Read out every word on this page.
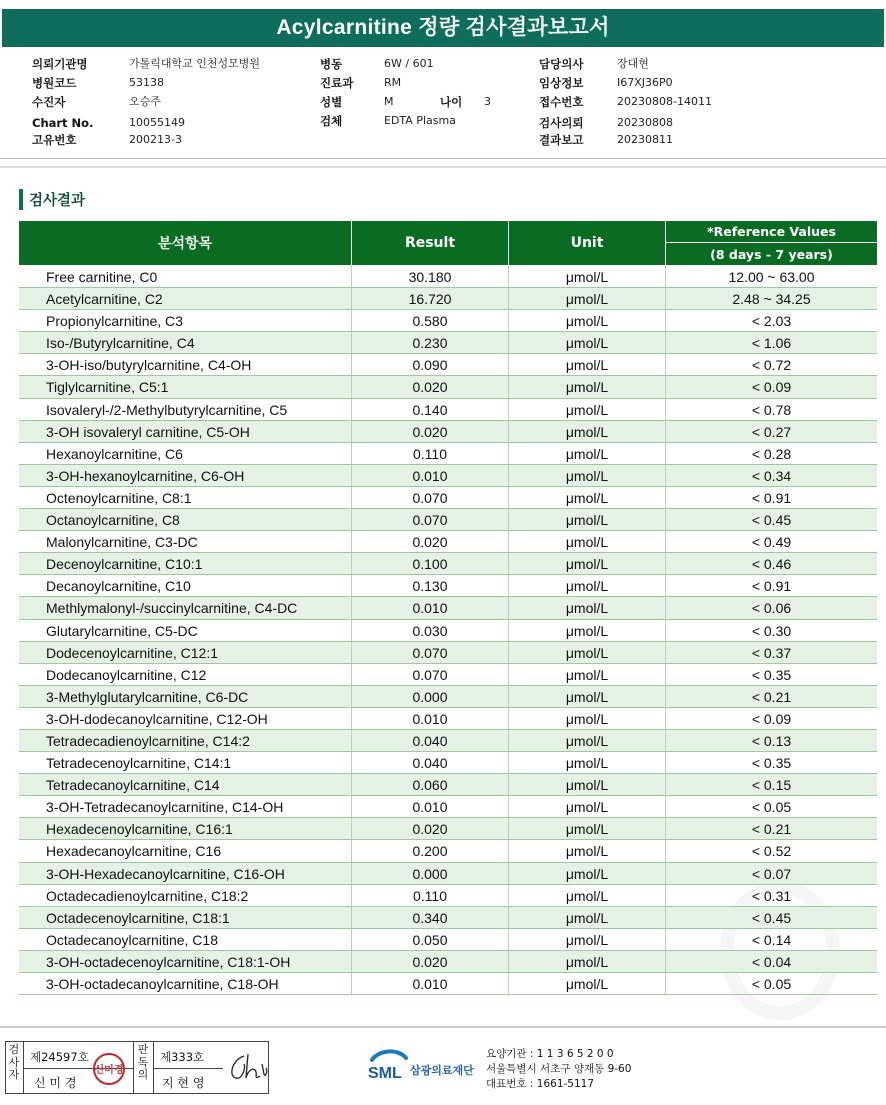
Acylcarnitine 정량 검사결과보고서
의뢰기관명	가톨릭대학교 인천성모병원
병원코드	53138
수진자	오승주
Chart No.	10055149
고유번호	200213-3
병동	6W / 601
진료과	RM
성별	M	나이 3
검체	EDTA Plasma
담당의사	장대현
임상정보	I67XJ36P0
접수번호	20230808-14011
검사의뢰	20230808
결과보고	20230811
검사결과
분석항목	Result	Unit
*Reference Values
(8 days - 7 years)
Free carnitine, C0	30.180	μmol/L	12.00 ~ 63.00
Acetylcarnitine, C2	16.720	μmol/L	2.48 ~ 34.25
Propionylcarnitine, C3	0.580	μmol/L	< 2.03
Iso-/Butyrylcarnitine, C4	0.230	μmol/L	< 1.06
3-OH-iso/butyrylcarnitine, C4-OH	0.090	μmol/L	< 0.72
Tiglylcarnitine, C5:1	0.020	μmol/L	< 0.09
Isovaleryl-/2-Methylbutyrylcarnitine, C5	0.140	μmol/L	< 0.78
3-OH isovaleryl carnitine, C5-OH	0.020	μmol/L	< 0.27
Hexanoylcarnitine, C6	0.110	μmol/L	< 0.28
3-OH-hexanoylcarnitine, C6-OH	0.010	μmol/L	< 0.34
Octenoylcarnitine, C8:1	0.070	μmol/L	< 0.91
Octanoylcarnitine, C8	0.070	μmol/L	< 0.45
Malonylcarnitine, C3-DC	0.020	μmol/L	< 0.49
Decenoylcarnitine, C10:1	0.100	μmol/L	< 0.46
Decanoylcarnitine, C10	0.130	μmol/L	< 0.91
Methlymalonyl-/succinylcarnitine, C4-DC	0.010	μmol/L	< 0.06
Glutarylcarnitine, C5-DC	0.030	μmol/L	< 0.30
Dodecenoylcarnitine, C12:1	0.070	μmol/L	< 0.37
Dodecanoylcarnitine, C12	0.070	μmol/L	< 0.35
3-Methylglutarylcarnitine, C6-DC	0.000	μmol/L	< 0.21
3-OH-dodecanoylcarnitine, C12-OH	0.010	μmol/L	< 0.09
Tetradecadienoylcarnitine, C14:2	0.040	μmol/L	< 0.13
Tetradecenoylcarnitine, C14:1	0.040	μmol/L	< 0.35
Tetradecanoylcarnitine, C14	0.060	μmol/L	< 0.15
3-OH-Tetradecanoylcarnitine, C14-OH	0.010	μmol/L	< 0.05
Hexadecenoylcarnitine, C16:1	0.020	μmol/L	< 0.21
Hexadecanoylcarnitine, C16	0.200	μmol/L	< 0.52
3-OH-Hexadecanoylcarnitine, C16-OH	0.000	μmol/L	< 0.07
Octadecadienoylcarnitine, C18:2	0.110	μmol/L	< 0.31
Octadecenoylcarnitine, C18:1	0.340	μmol/L	< 0.45
Octadecanoylcarnitine, C18	0.050	μmol/L	< 0.14
3-OH-octadecenoylcarnitine, C18:1-OH	0.020	μmol/L	< 0.04
3-OH-octadecanoylcarnitine, C18-OH	0.010	μmol/L	< 0.05
검사자
제24597호
신 미 경
신미경
판독의
제333호
지 현 영
SML 삼광의료재단
요양기관 : 1 1 3 6 5 2 0 0
서울특별시 서초구 양재동 9-60
대표번호 : 1661-5117
